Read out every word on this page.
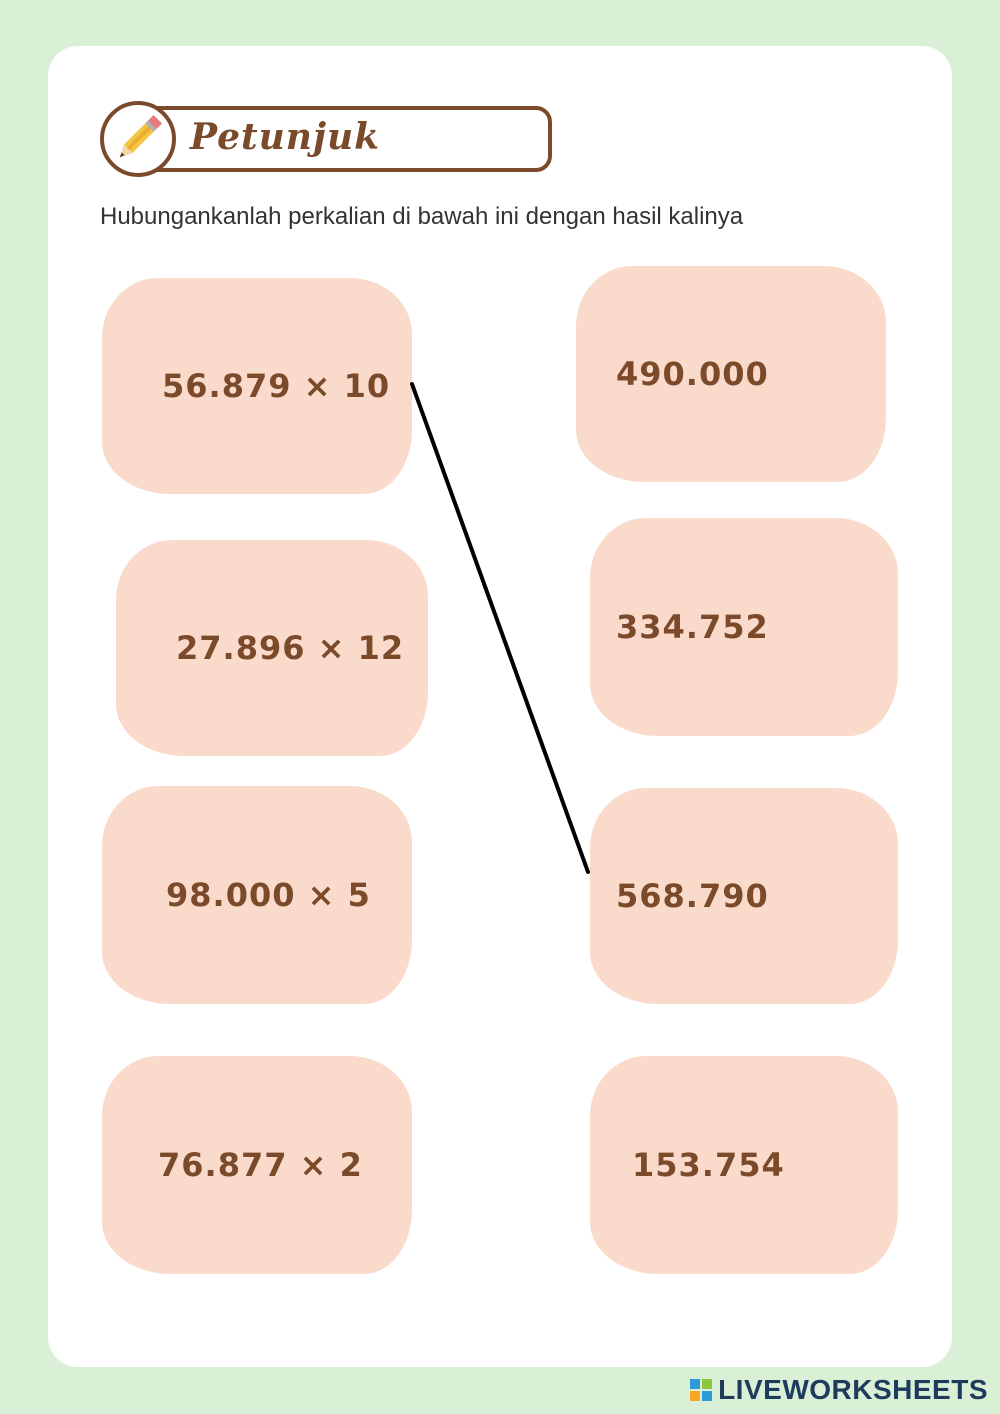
Petunjuk
Hubungankanlah perkalian di bawah ini dengan hasil kalinya
56.879 × 10
27.896 × 12
98.000 × 5
76.877 × 2
490.000
334.752
568.790
153.754
LIVEWORKSHEETS
